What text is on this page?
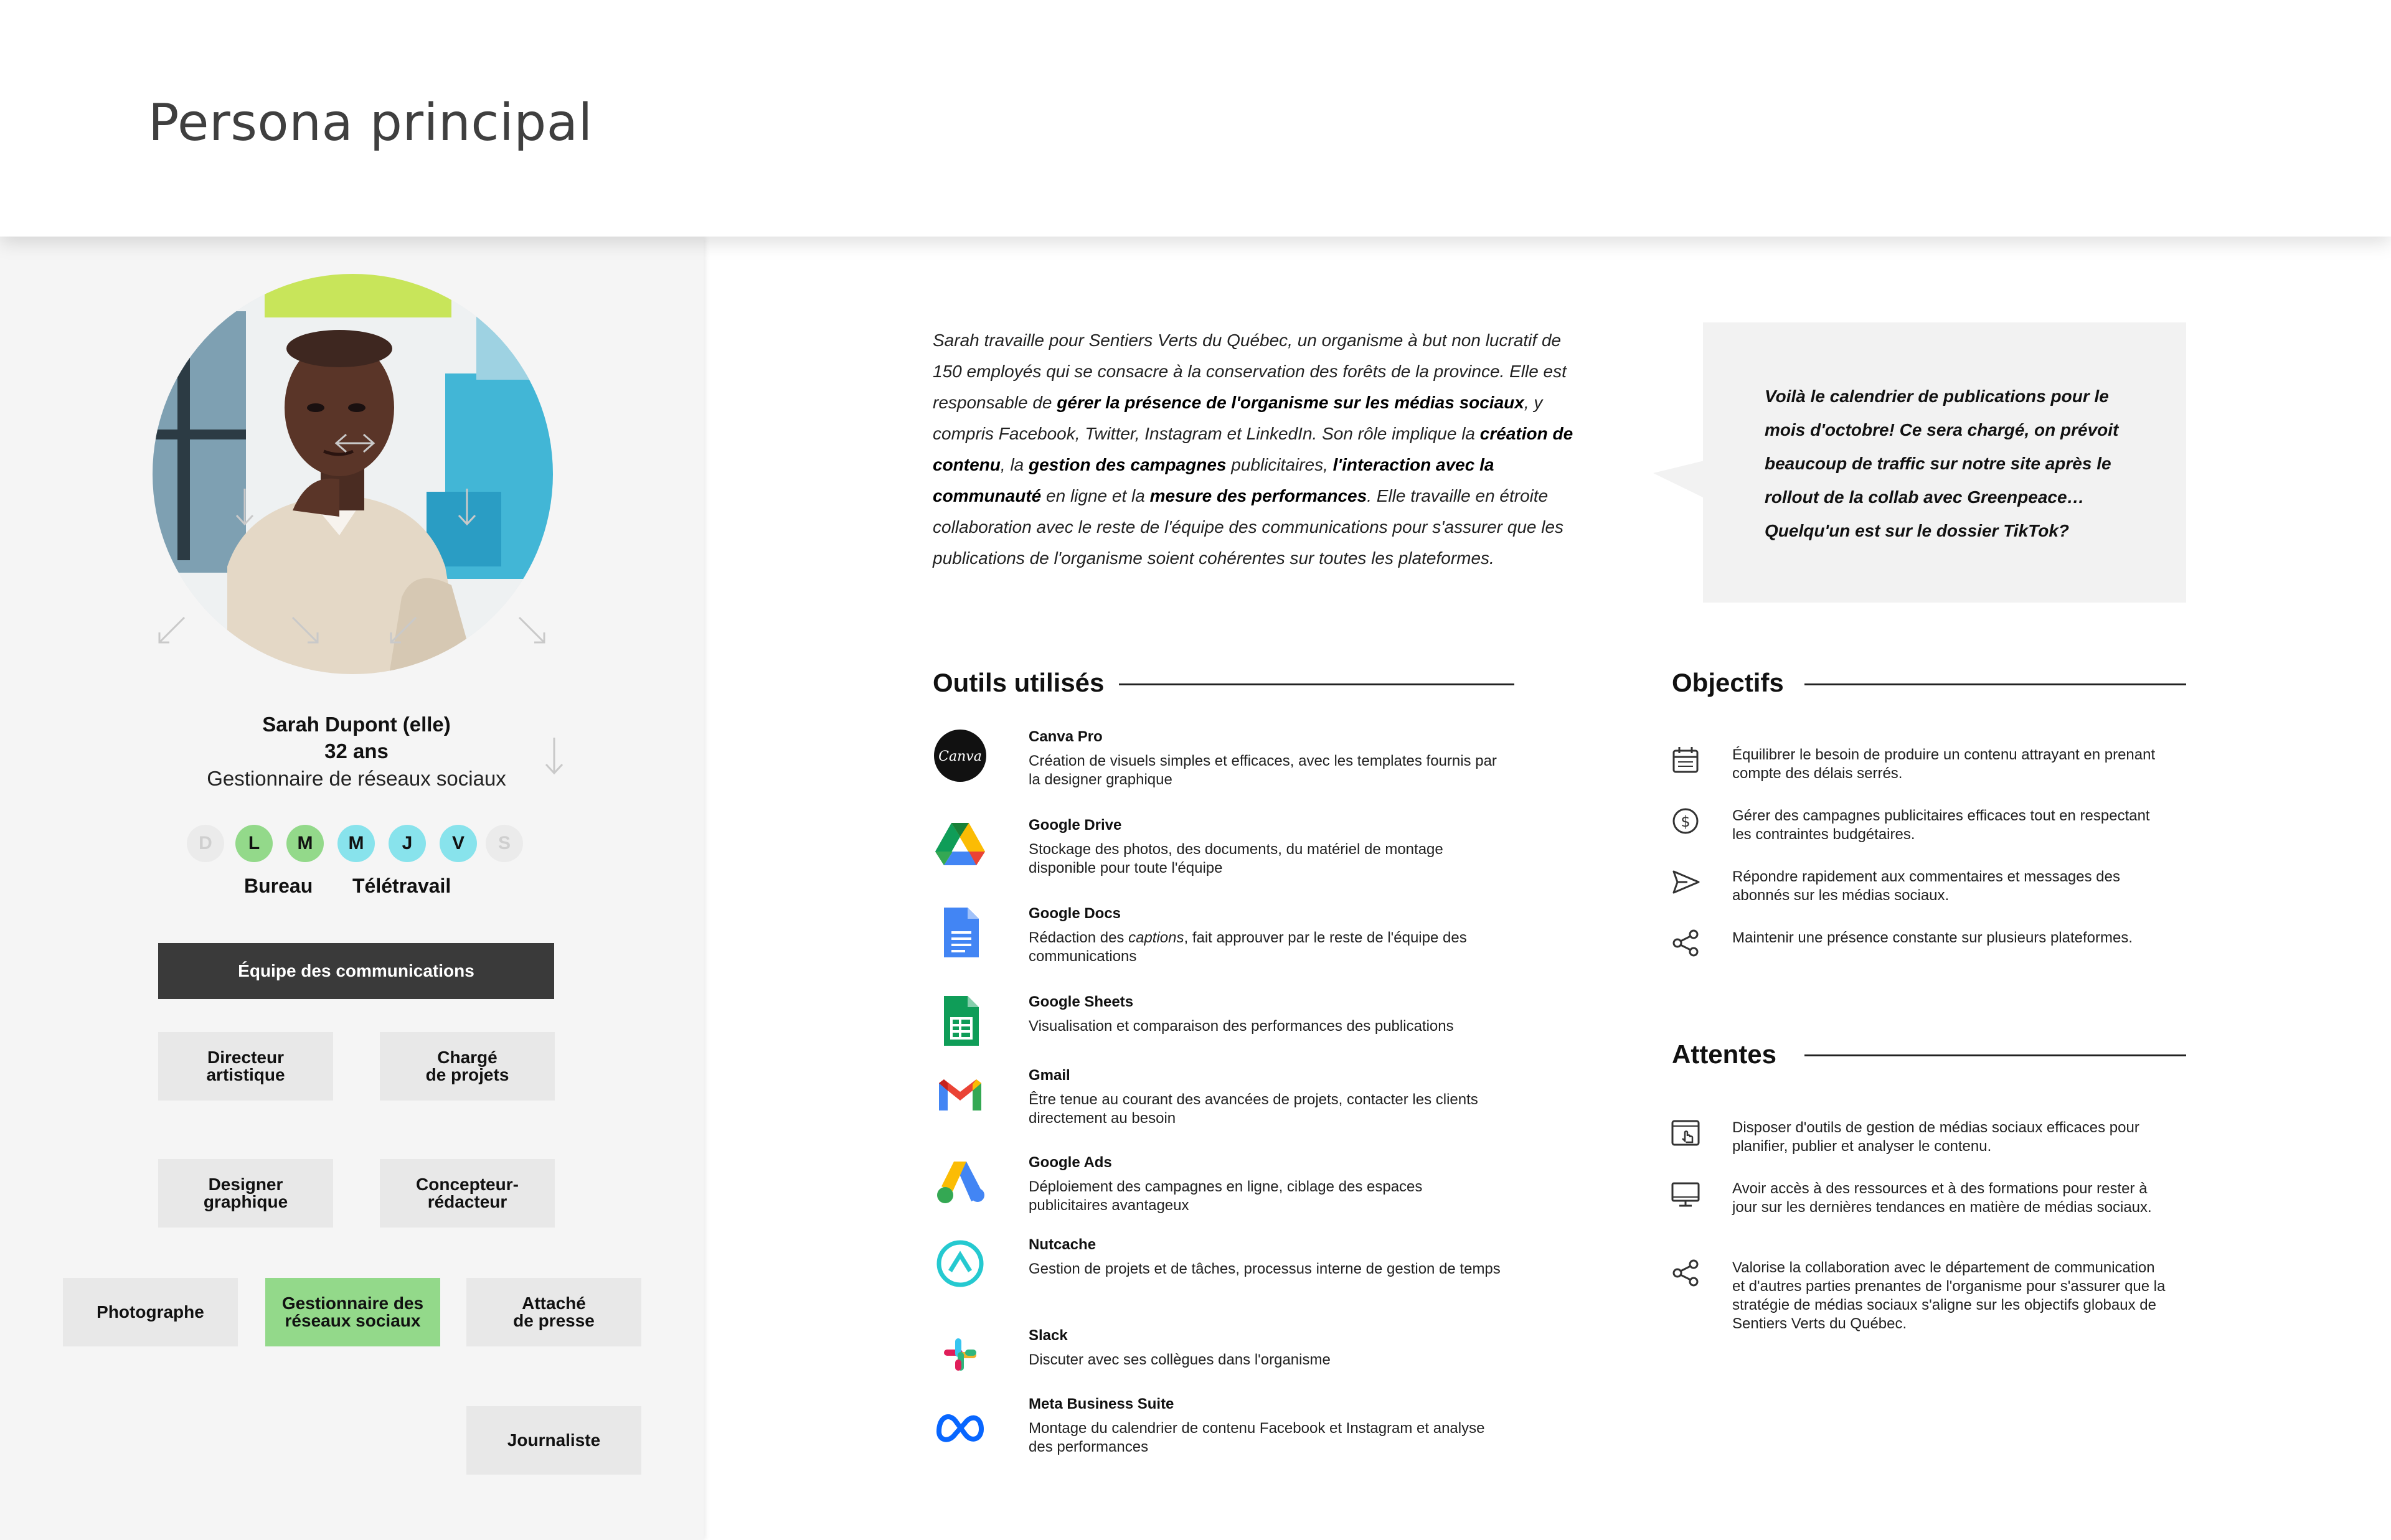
Persona principal
Sarah Dupont (elle)
32 ans
Gestionnaire de réseaux sociaux
D	L	M	M	J	V	S
Bureau Télétravail
Équipe des communications
Directeur
artistique
Chargé
de projets
Designer
graphique
Concepteur-
rédacteur
Photographe	Gestionnaire des
réseaux sociaux
Attaché
de presse
Journaliste
Sarah travaille pour Sentiers Verts du Québec, un organisme à but non lucratif de 150 employés qui se consacre à la conservation des forêts de la province. Elle est responsable de gérer la présence de l'organisme sur les médias sociaux, y compris Facebook, Twitter, Instagram et LinkedIn. Son rôle implique la création de contenu, la gestion des campagnes publicitaires, l'interaction avec la communauté en ligne et la mesure des performances. Elle travaille en étroite collaboration avec le reste de l'équipe des communications pour s'assurer que les publications de l'organisme soient cohérentes sur toutes les plateformes.
Voilà le calendrier de publications pour le mois d'octobre! Ce sera chargé, on prévoit beaucoup de traffic sur notre site après le rollout de la collab avec Greenpeace… Quelqu'un est sur le dossier TikTok?
Outils utilisés
Canva
Canva Pro
Création de visuels simples et efficaces, avec les templates fournis par la designer graphique
Google Drive
Stockage des photos, des documents, du matériel de montage disponible pour toute l'équipe
Google Docs
Rédaction des captions, fait approuver par le reste de l'équipe des communications
Google Sheets
Visualisation et comparaison des performances des publications
Gmail
Être tenue au courant des avancées de projets, contacter les clients directement au besoin
Google Ads
Déploiement des campagnes en ligne, ciblage des espaces publicitaires avantageux
Nutcache
Gestion de projets et de tâches, processus interne de gestion de temps
Slack
Discuter avec ses collègues dans l'organisme
Meta Business Suite
Montage du calendrier de contenu Facebook et Instagram et analyse des performances
Objectifs
Équilibrer le besoin de produire un contenu attrayant en prenant compte des délais serrés.
$	Gérer des campagnes publicitaires efficaces tout en respectant les contraintes budgétaires.
Répondre rapidement aux commentaires et messages des abonnés sur les médias sociaux.
Maintenir une présence constante sur plusieurs plateformes.
Attentes
Disposer d'outils de gestion de médias sociaux efficaces pour planifier, publier et analyser le contenu.
Avoir accès à des ressources et à des formations pour rester à jour sur les dernières tendances en matière de médias sociaux.
Valorise la collaboration avec le département de communication et d'autres parties prenantes de l'organisme pour s'assurer que la stratégie de médias sociaux s'aligne sur les objectifs globaux de Sentiers Verts du Québec.
